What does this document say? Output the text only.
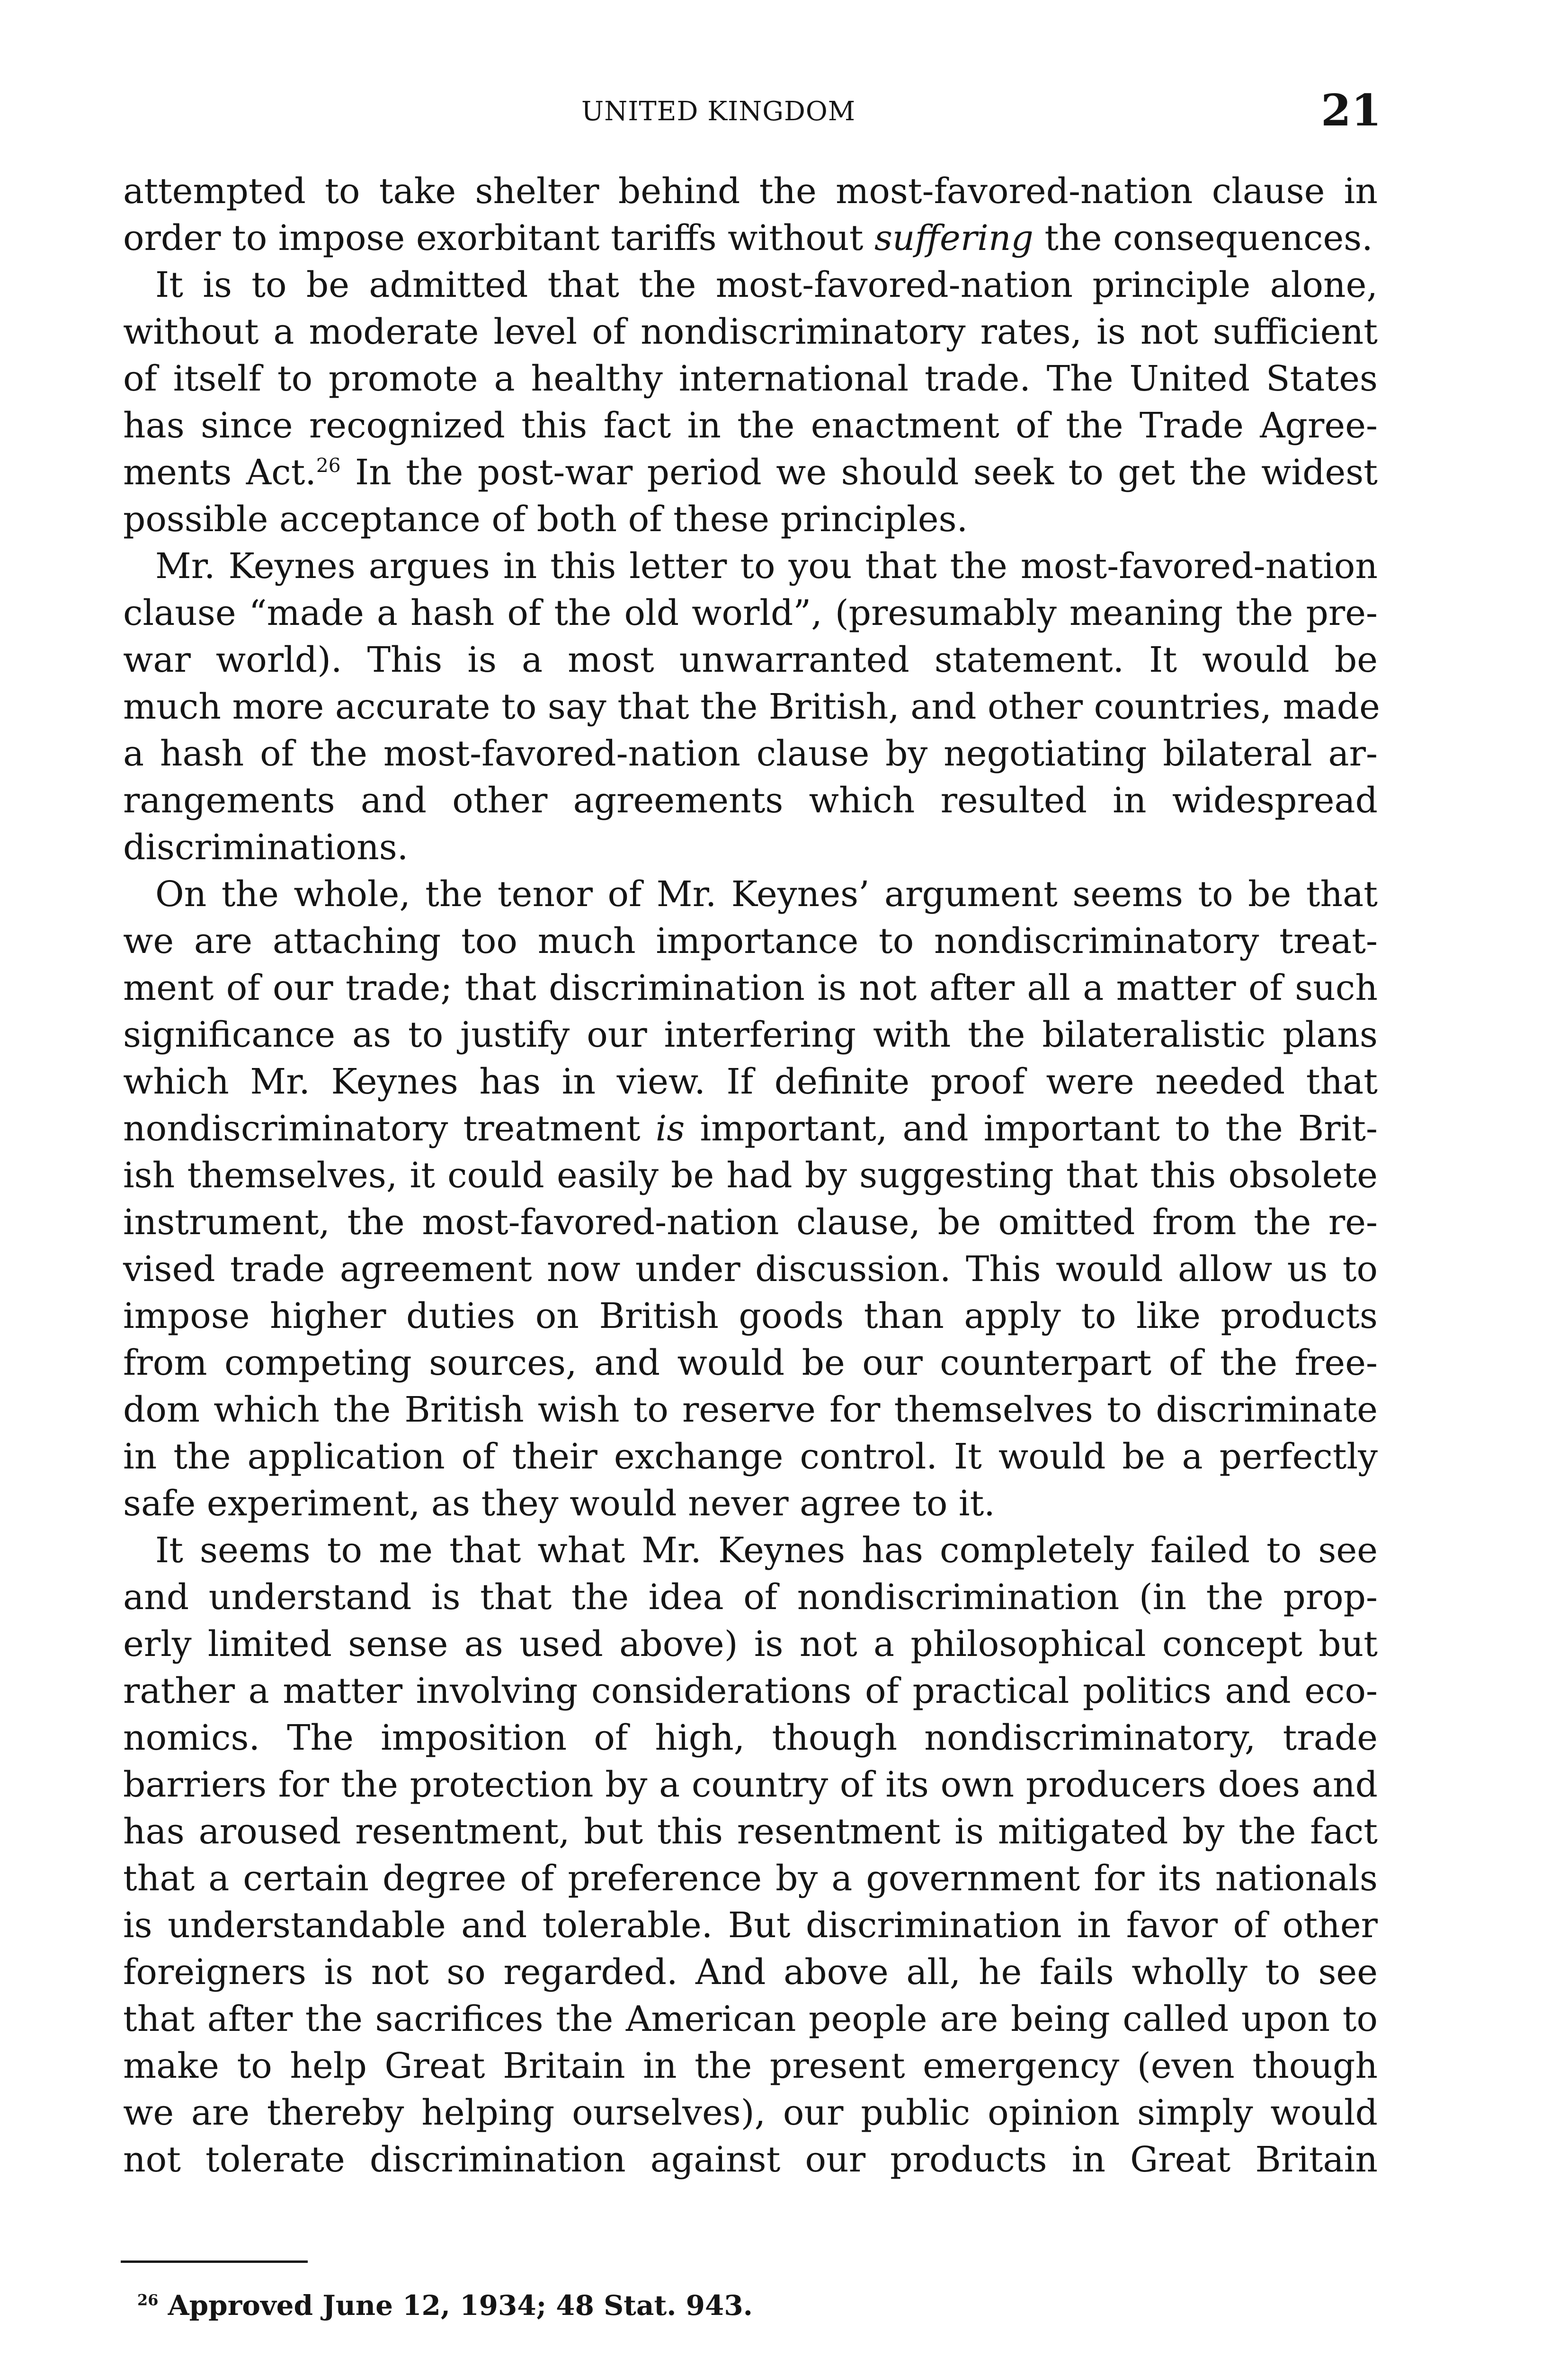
UNITED KINGDOM	21
attempted to take shelter behind the most-favored-nation clause in
order to impose exorbitant tariffs without suffering the consequences.
It is to be admitted that the most-favored-nation principle alone,
without a moderate level of nondiscriminatory rates, is not sufficient
of itself to promote a healthy international trade. The United States
has since recognized this fact in the enactment of the Trade Agree-
ments Act.$^{26}$ In the post-war period we should seek to get the widest
possible acceptance of both of these principles.
Mr. Keynes argues in this letter to you that the most-favored-nation
clause “made a hash of the old world”, (presumably meaning the pre-
war world). This is a most unwarranted statement. It would be
much more accurate to say that the British, and other countries, made
a hash of the most-favored-nation clause by negotiating bilateral ar-
rangements and other agreements which resulted in widespread
discriminations.
On the whole, the tenor of Mr. Keynes’ argument seems to be that
we are attaching too much importance to nondiscriminatory treat-
ment of our trade; that discrimination is not after all a matter of such
significance as to justify our interfering with the bilateralistic plans
which Mr. Keynes has in view. If definite proof were needed that
nondiscriminatory treatment is important, and important to the Brit-
ish themselves, it could easily be had by suggesting that this obsolete
instrument, the most-favored-nation clause, be omitted from the re-
vised trade agreement now under discussion. This would allow us to
impose higher duties on British goods than apply to like products
from competing sources, and would be our counterpart of the free-
dom which the British wish to reserve for themselves to discriminate
in the application of their exchange control. It would be a perfectly
safe experiment, as they would never agree to it.
It seems to me that what Mr. Keynes has completely failed to see
and understand is that the idea of nondiscrimination (in the prop-
erly limited sense as used above) is not a philosophical concept but
rather a matter involving considerations of practical politics and eco-
nomics. The imposition of high, though nondiscriminatory, trade
barriers for the protection by a country of its own producers does and
has aroused resentment, but this resentment is mitigated by the fact
that a certain degree of preference by a government for its nationals
is understandable and tolerable. But discrimination in favor of other
foreigners is not so regarded. And above all, he fails wholly to see
that after the sacrifices the American people are being called upon to
make to help Great Britain in the present emergency (even though
we are thereby helping ourselves), our public opinion simply would
not tolerate discrimination against our products in Great Britain
$^{26}$ Approved June 12, 1934; 48 Stat. 943.
